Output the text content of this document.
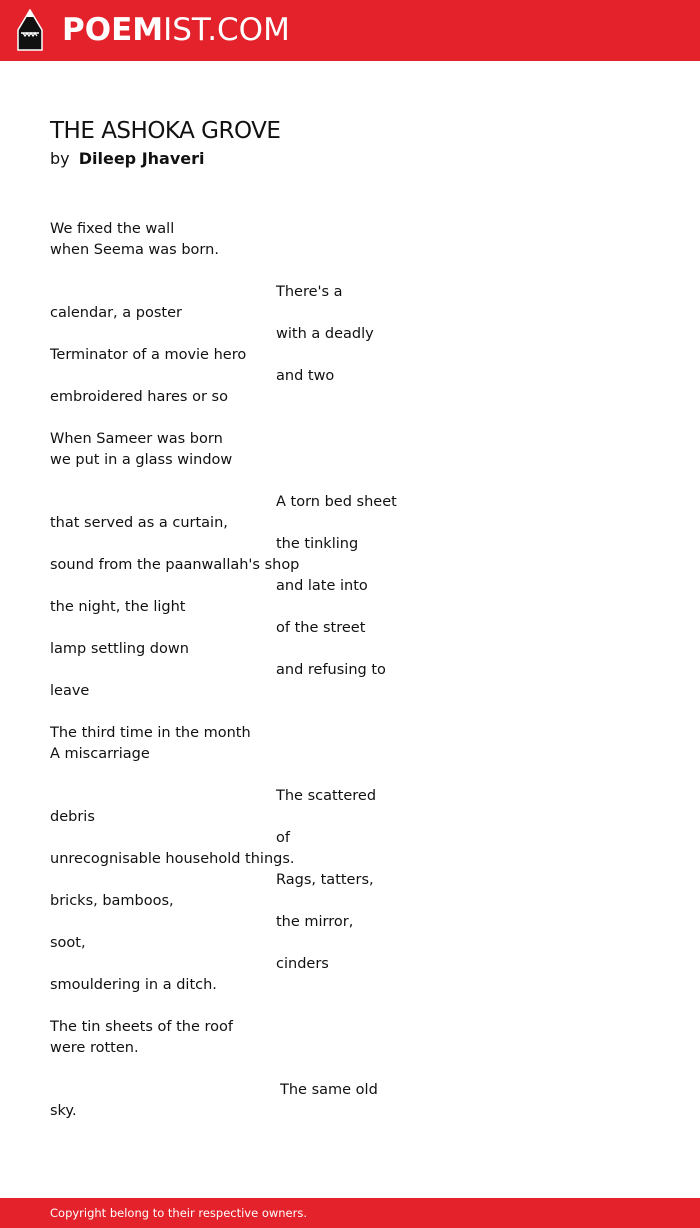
POEMIST.COM
THE ASHOKA GROVE
by Dileep Jhaveri
We fixed the wall
when Seema was born.
There's a
calendar, a poster
with a deadly
Terminator of a movie hero
and two
embroidered hares or so
When Sameer was born
we put in a glass window
A torn bed sheet
that served as a curtain,
the tinkling
sound from the paanwallah's shop
and late into
the night, the light
of the street
lamp settling down
and refusing to
leave
The third time in the month
A miscarriage
The scattered
debris
of
unrecognisable household things.
Rags, tatters,
bricks, bamboos,
the mirror,
soot,
cinders
smouldering in a ditch.
The tin sheets of the roof
were rotten.
The same old
sky.
Copyright belong to their respective owners.
